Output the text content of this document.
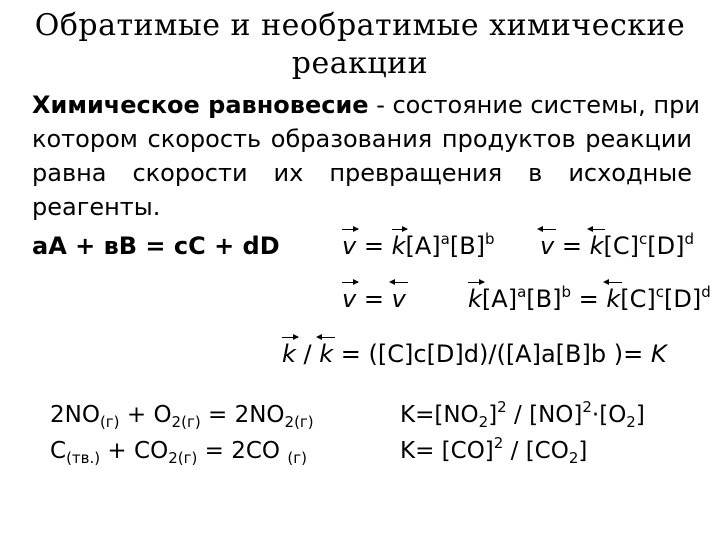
Обратимые и необратимые химические
реакции
Химическое равновесие - состояние системы, при
котором скорость образования продуктов реакции
равна скорости их превращения в исходные
реагенты.
aA + вB = cC + dD	$v = k[A]^a[B]^b$ $v = k[C]^c[D]^d$
v = v	$k[A]^a[B]^b = k[C]^c[D]^d$
k / k = ([C]c[D]d)/([A]a[B]b )= K
$2NO_{(г)} + O_{2(г)} = 2NO_{2(г)}$	$K=[NO_2]^2 / [NO]^2\cdot[O_2]$
$C_{(тв.)} + CO_{2(г)} = 2CO$ $_{(г)}$	$K= [CO]^2 / [CO_2]$
